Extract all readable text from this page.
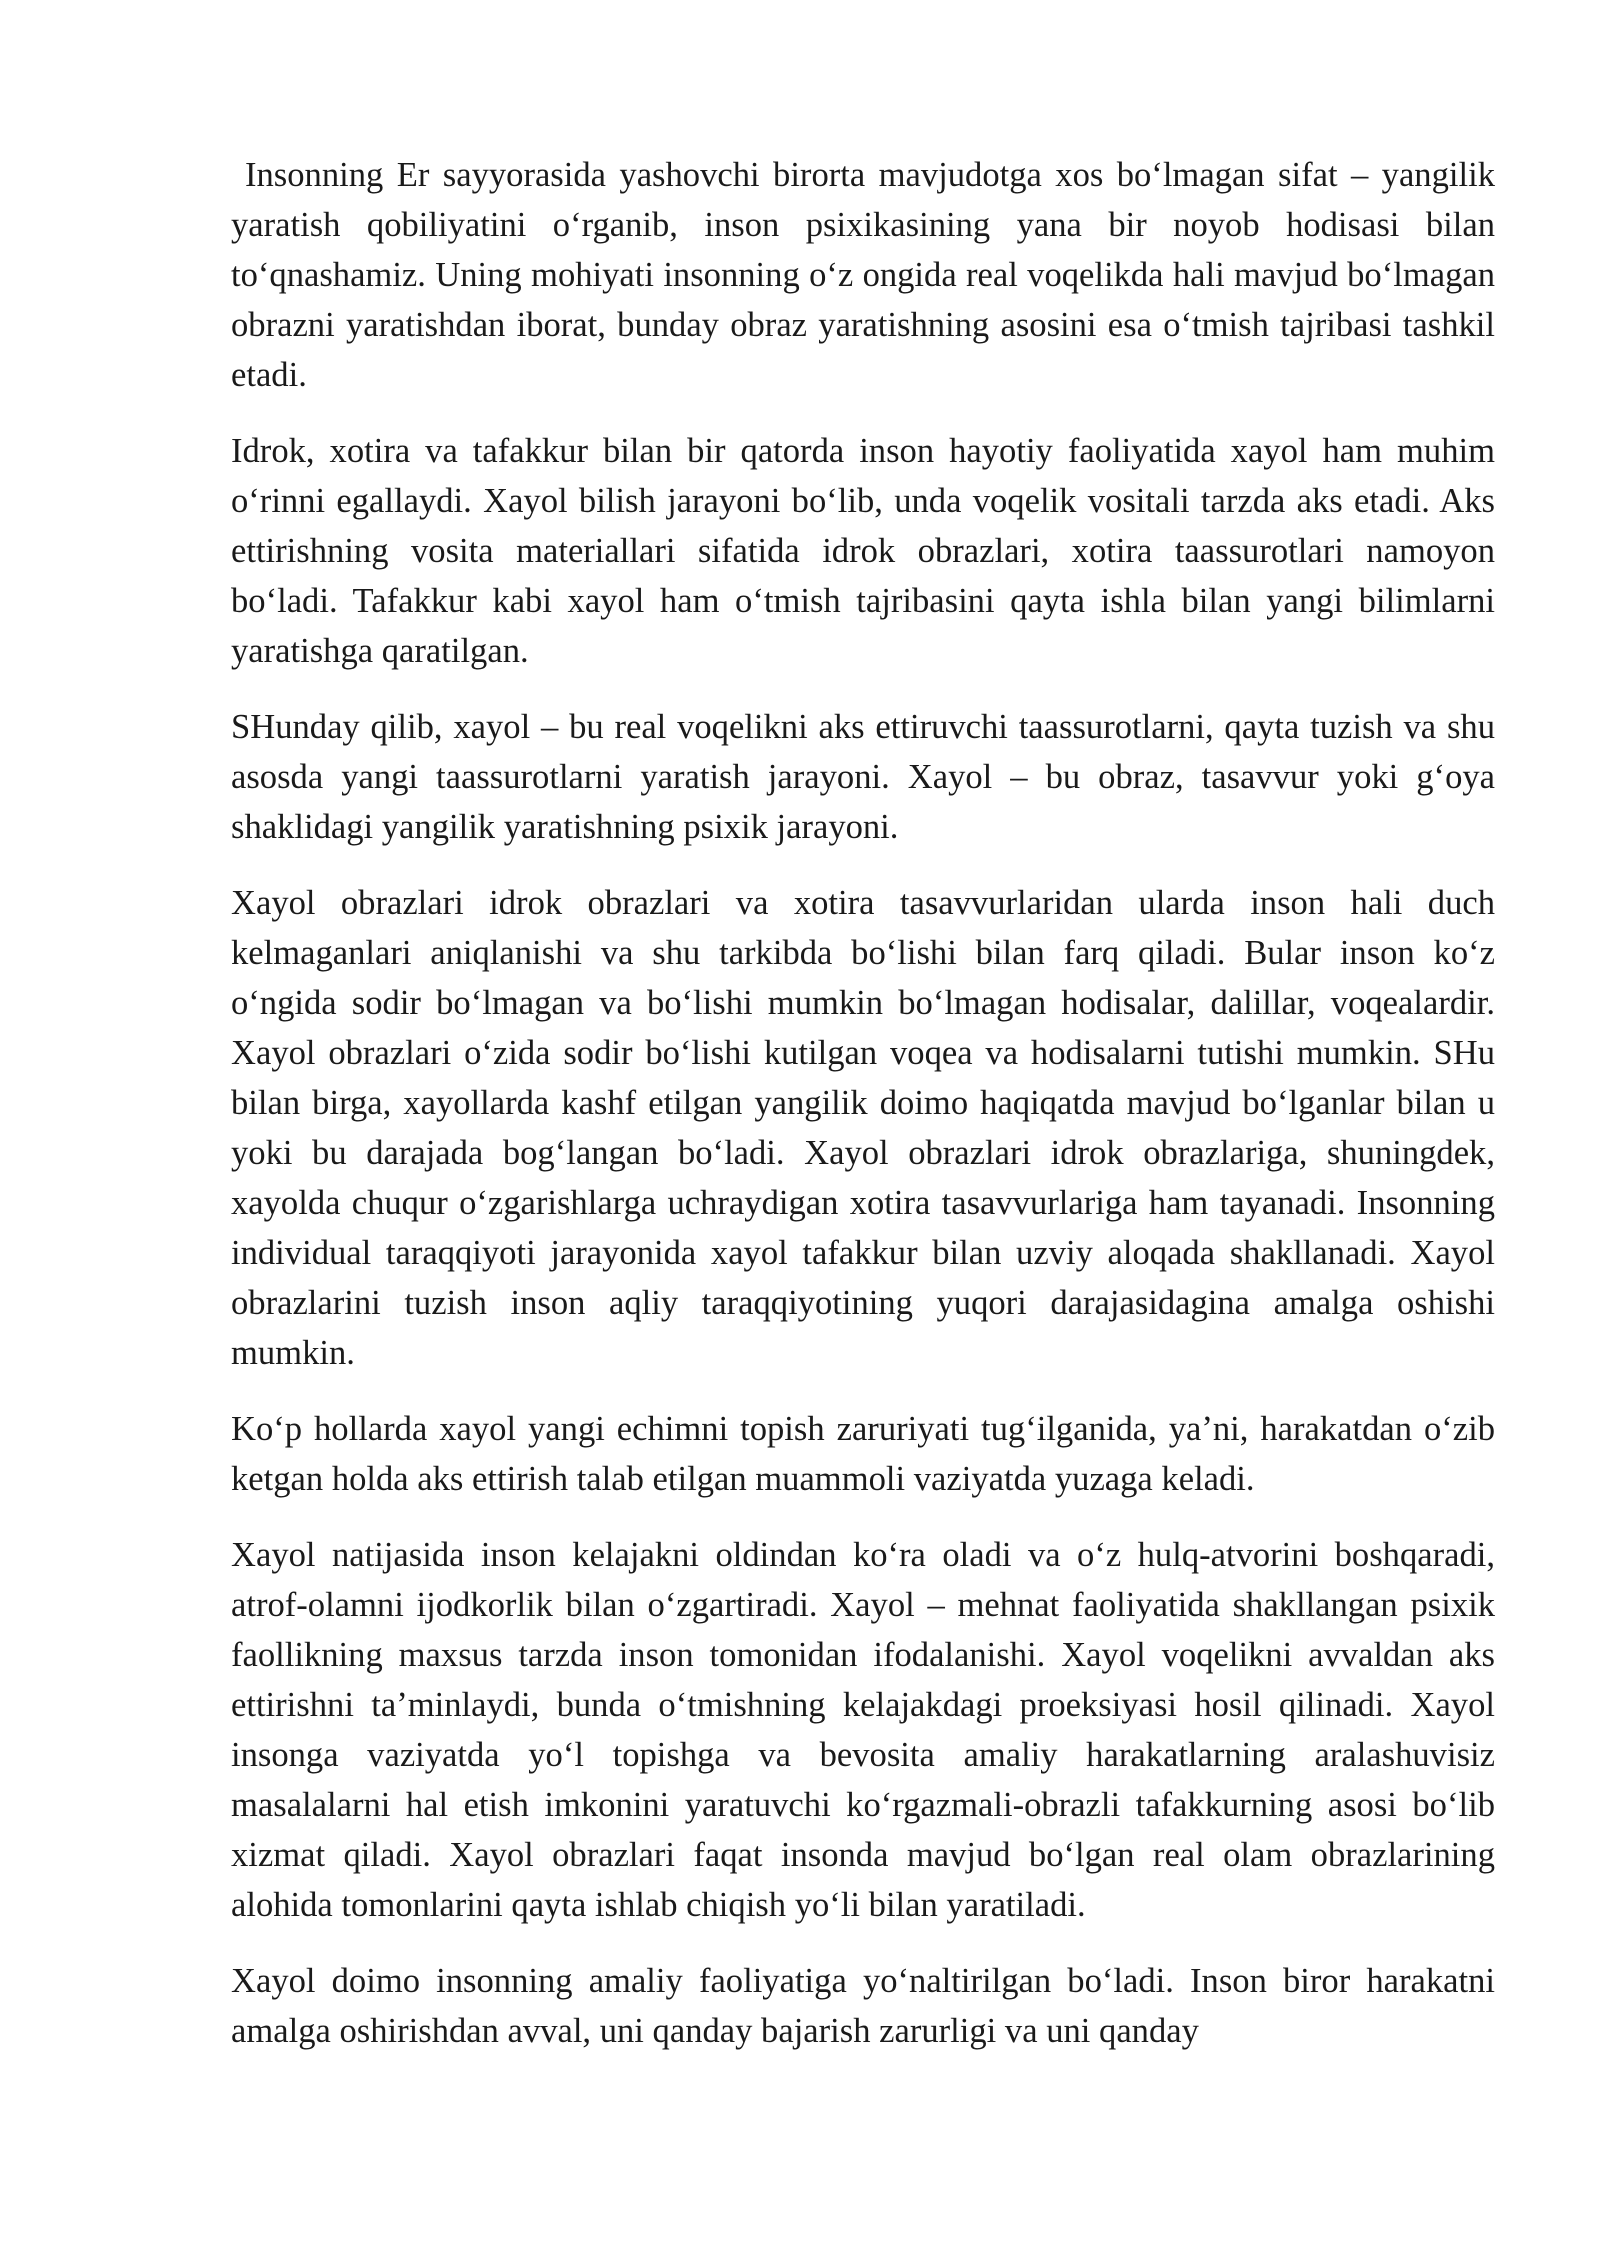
Insonning Er sayyorasida yashovchi birorta mavjudotga xos boʻlmagan sifat – yangilik yaratish qobiliyatini oʻrganib, inson psixikasining yana bir noyob hodisasi bilan toʻqnashamiz. Uning mohiyati insonning oʻz ongida real voqelikda hali mavjud boʻlmagan obrazni yaratishdan iborat, bunday obraz yaratishning asosini esa oʻtmish tajribasi tashkil etadi.

Idrok, xotira va tafakkur bilan bir qatorda inson hayotiy faoliyatida xayol ham muhim oʻrinni egallaydi. Xayol bilish jarayoni boʻlib, unda voqelik vositali tarzda aks etadi. Aks ettirishning vosita materiallari sifatida idrok obrazlari, xotira taassurotlari namoyon boʻladi. Tafakkur kabi xayol ham oʻtmish tajribasini qayta ishla bilan yangi bilimlarni yaratishga qaratilgan.

SHunday qilib, xayol – bu real voqelikni aks ettiruvchi taassurotlarni, qayta tuzish va shu asosda yangi taassurotlarni yaratish jarayoni. Xayol – bu obraz, tasavvur yoki gʻoya shaklidagi yangilik yaratishning psixik jarayoni.

Xayol obrazlari idrok obrazlari va xotira tasavvurlaridan ularda inson hali duch kelmaganlari aniqlanishi va shu tarkibda boʻlishi bilan farq qiladi. Bular inson koʻz oʻngida sodir boʻlmagan va boʻlishi mumkin boʻlmagan hodisalar, dalillar, voqealardir. Xayol obrazlari oʻzida sodir boʻlishi kutilgan voqea va hodisalarni tutishi mumkin. SHu bilan birga, xayollarda kashf etilgan yangilik doimo haqiqatda mavjud boʻlganlar bilan u yoki bu darajada bogʻlangan boʻladi. Xayol obrazlari idrok obrazlariga, shuningdek, xayolda chuqur oʻzgarishlarga uchraydigan xotira tasavvurlariga ham tayanadi. Insonning individual taraqqiyoti jarayonida xayol tafakkur bilan uzviy aloqada shakllanadi. Xayol obrazlarini tuzish inson aqliy taraqqiyotining yuqori darajasidagina amalga oshishi mumkin.

Koʻp hollarda xayol yangi echimni topish zaruriyati tugʻilganida, yaʼni, harakatdan oʻzib ketgan holda aks ettirish talab etilgan muammoli vaziyatda yuzaga keladi.

Xayol natijasida inson kelajakni oldindan koʻra oladi va oʻz hulq-atvorini boshqaradi, atrof-olamni ijodkorlik bilan oʻzgartiradi. Xayol – mehnat faoliyatida shakllangan psixik faollikning maxsus tarzda inson tomonidan ifodalanishi. Xayol voqelikni avvaldan aks ettirishni taʼminlaydi, bunda oʻtmishning kelajakdagi proeksiyasi hosil qilinadi. Xayol insonga vaziyatda yoʻl topishga va bevosita amaliy harakatlarning aralashuvisiz masalalarni hal etish imkonini yaratuvchi koʻrgazmali-obrazli tafakkurning asosi boʻlib xizmat qiladi. Xayol obrazlari faqat insonda mavjud boʻlgan real olam obrazlarining alohida tomonlarini qayta ishlab chiqish yoʻli bilan yaratiladi.

Xayol doimo insonning amaliy faoliyatiga yoʻnaltirilgan boʻladi. Inson biror harakatni amalga oshirishdan avval, uni qanday bajarish zarurligi va uni qanday
